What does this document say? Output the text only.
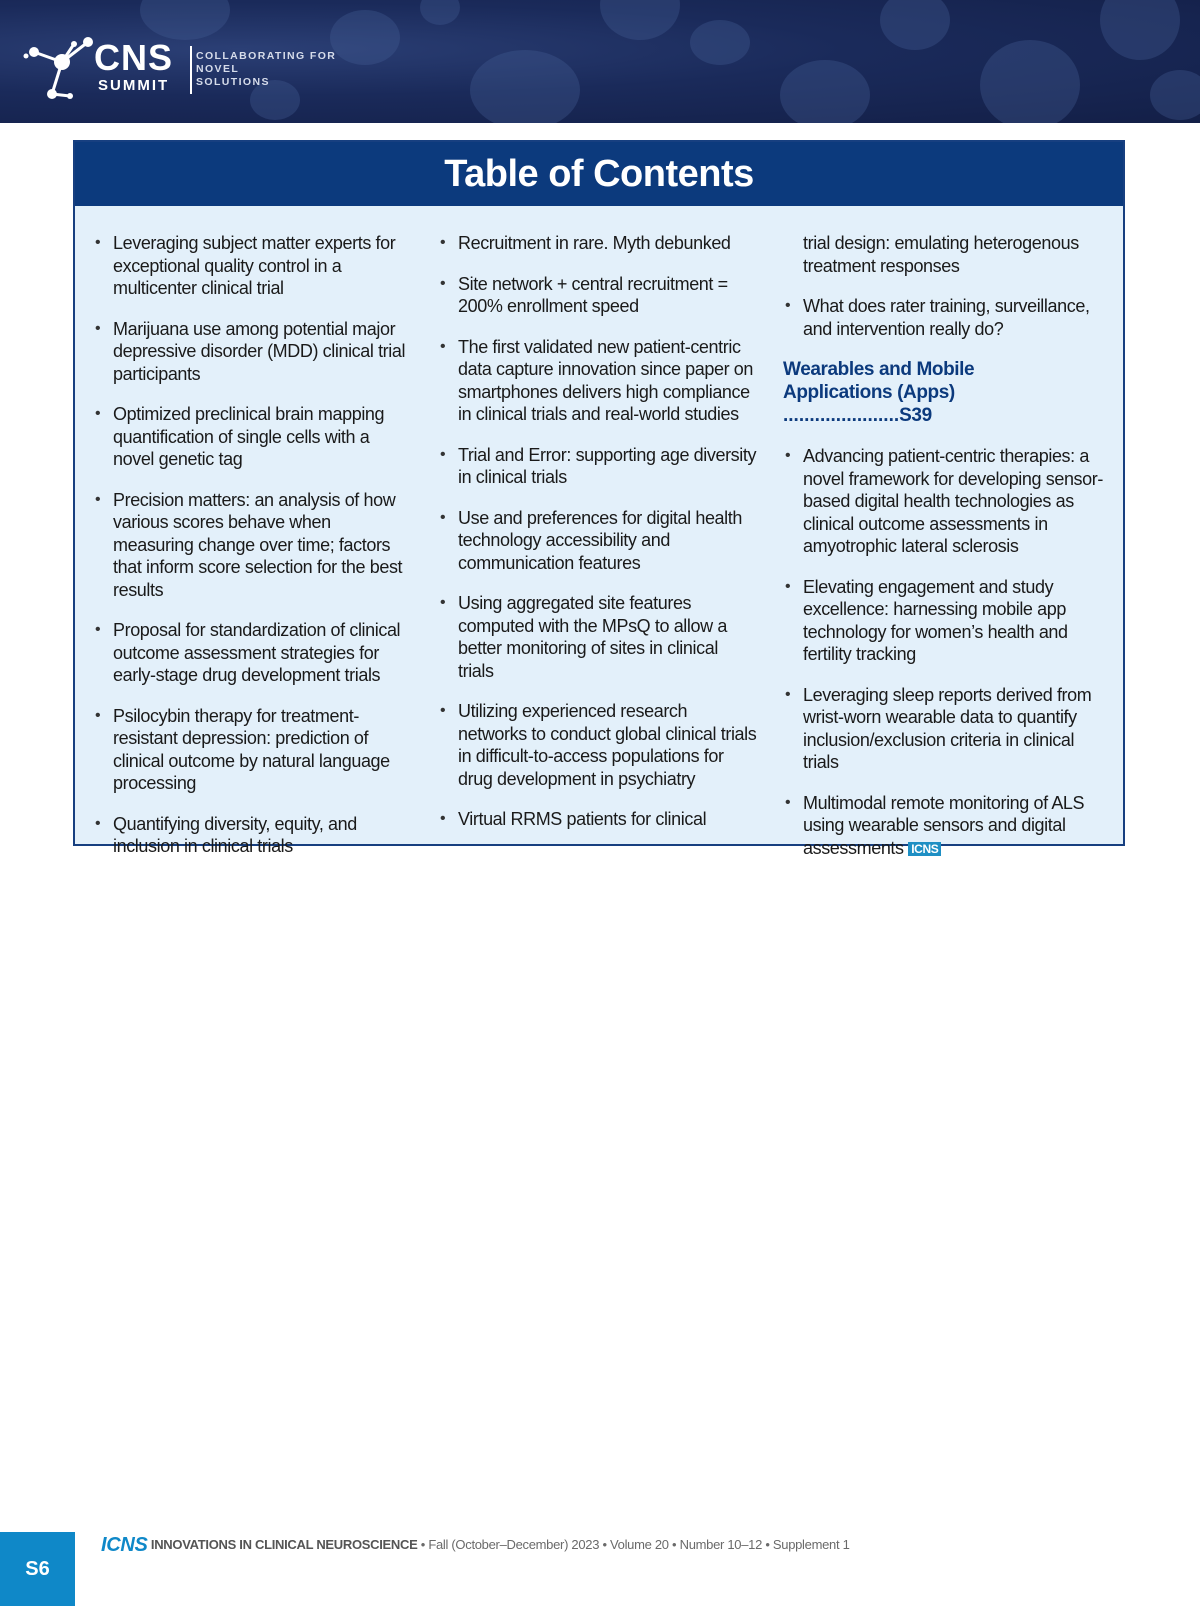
CNS
SUMMIT
COLLABORATING FOR
NOVEL
SOLUTIONS
Table of Contents
• Leveraging subject matter experts for exceptional quality control in a multicenter clinical trial
• Marijuana use among potential major depressive disorder (MDD) clinical trial participants
• Optimized preclinical brain mapping quantification of single cells with a novel genetic tag
• Precision matters: an analysis of how various scores behave when measuring change over time; factors that inform score selection for the best results
• Proposal for standardization of clinical outcome assessment strategies for early-stage drug development trials
• Psilocybin therapy for treatment-resistant depression: prediction of clinical outcome by natural language processing
• Quantifying diversity, equity, and inclusion in clinical trials
• Recruitment in rare. Myth debunked
• Site network + central recruitment = 200% enrollment speed
• The first validated new patient-centric data capture innovation since paper on smartphones delivers high compliance in clinical trials and real-world studies
• Trial and Error: supporting age diversity in clinical trials
• Use and preferences for digital health technology accessibility and communication features
• Using aggregated site features computed with the MPsQ to allow a better monitoring of sites in clinical trials
• Utilizing experienced research networks to conduct global clinical trials in difficult-to-access populations for drug development in psychiatry
• Virtual RRMS patients for clinical
trial design: emulating heterogenous treatment responses
• What does rater training, surveillance, and intervention really do?
Wearables and Mobile
Applications (Apps) ......................S39
• Advancing patient-centric therapies: a novel framework for developing sensor-based digital health technologies as clinical outcome assessments in amyotrophic lateral sclerosis
• Elevating engagement and study excellence: harnessing mobile app technology for women’s health and fertility tracking
• Leveraging sleep reports derived from wrist-worn wearable data to quantify inclusion/exclusion criteria in clinical trials
• Multimodal remote monitoring of ALS using wearable sensors and digital assessments ICNS
S6
ICNS INNOVATIONS IN CLINICAL NEUROSCIENCE • Fall (October–December) 2023 • Volume 20 • Number 10–12 • Supplement 1
